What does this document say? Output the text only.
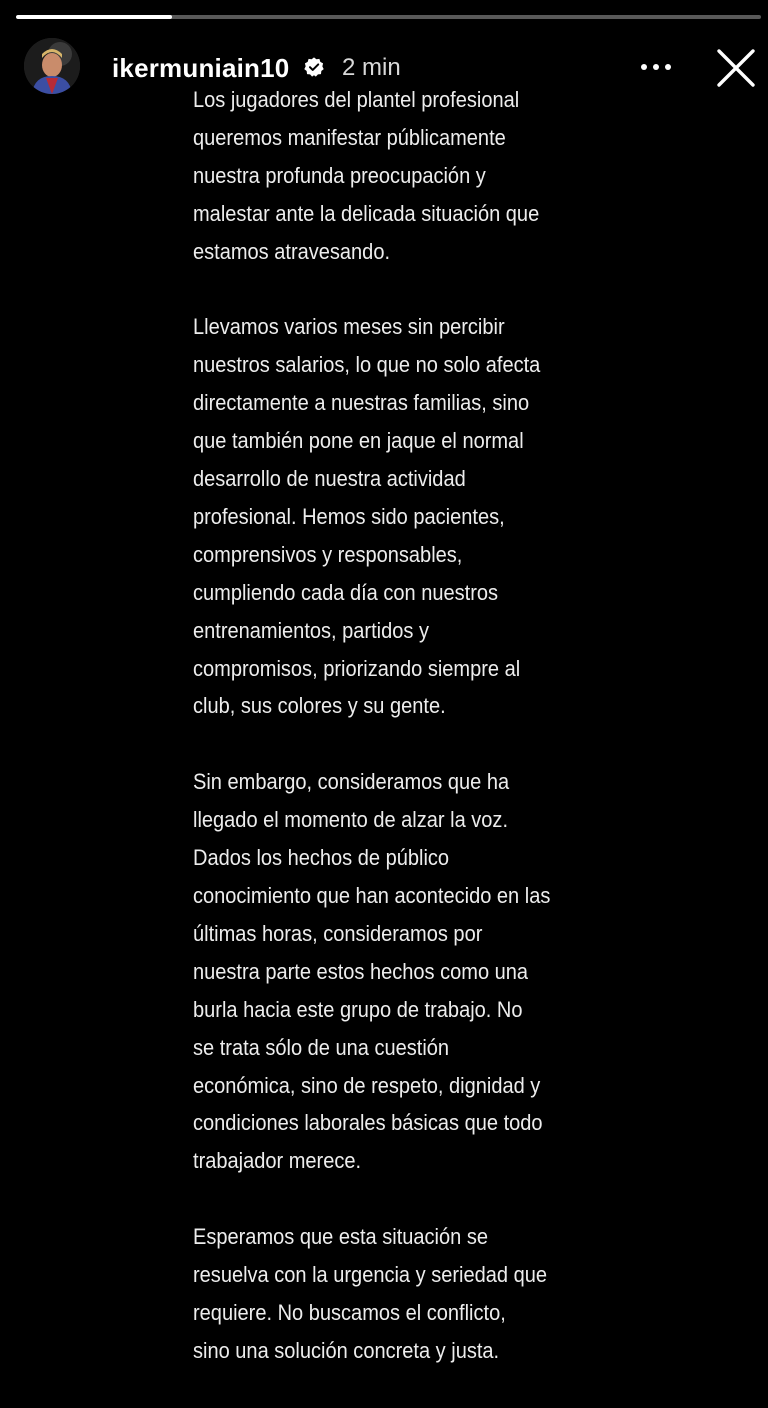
ikermuniain10 2 min
Los jugadores del plantel profesional
queremos manifestar públicamente
nuestra profunda preocupación y
malestar ante la delicada situación que
estamos atravesando.
Llevamos varios meses sin percibir
nuestros salarios, lo que no solo afecta
directamente a nuestras familias, sino
que también pone en jaque el normal
desarrollo de nuestra actividad
profesional. Hemos sido pacientes,
comprensivos y responsables,
cumpliendo cada día con nuestros
entrenamientos, partidos y
compromisos, priorizando siempre al
club, sus colores y su gente.
Sin embargo, consideramos que ha
llegado el momento de alzar la voz.
Dados los hechos de público
conocimiento que han acontecido en las
últimas horas, consideramos por
nuestra parte estos hechos como una
burla hacia este grupo de trabajo. No
se trata sólo de una cuestión
económica, sino de respeto, dignidad y
condiciones laborales básicas que todo
trabajador merece.
Esperamos que esta situación se
resuelva con la urgencia y seriedad que
requiere. No buscamos el conflicto,
sino una solución concreta y justa.
